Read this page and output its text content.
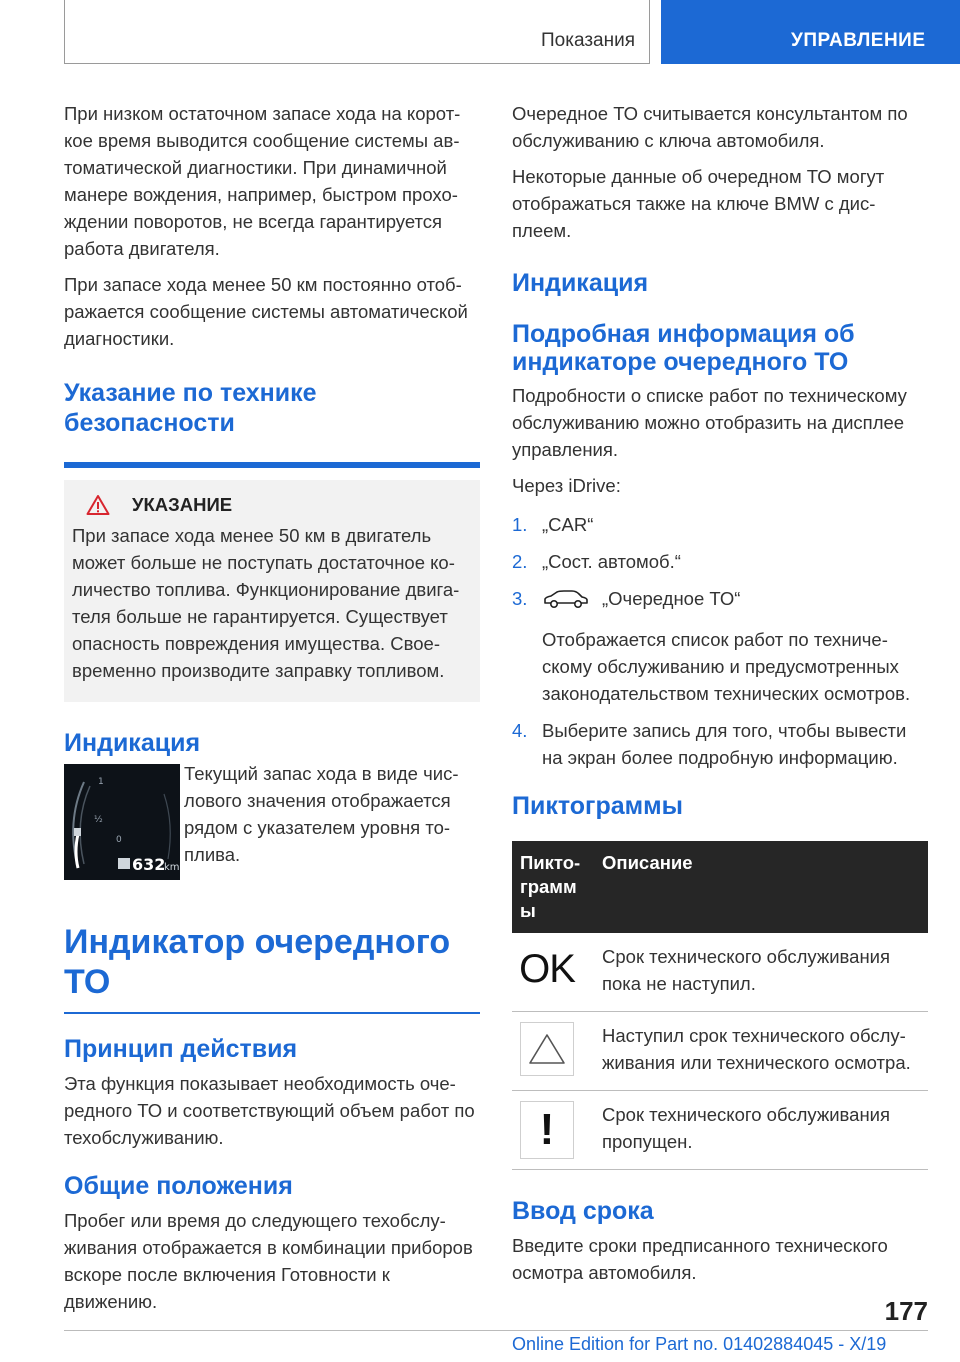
Показания	УПРАВЛЕНИЕ

При низком остаточном запасе хода на короткое время выводится сообщение системы автоматической диагностики. При динамичной манере вождения, например, быстром прохождении поворотов, не всегда гарантируется работа двигателя.

При запасе хода менее 50 км постоянно отображается сообщение системы автоматической диагностики.

Указание по технике безопасности
УКАЗАНИЕ

При запасе хода менее 50 км в двигатель может больше не поступать достаточное количество топлива. Функционирование двигателя больше не гарантируется. Существует опасность повреждения имущества. Своевременно производите заправку топливом.

Индикация
1
½
0
632
km

Текущий запас хода в виде числового значения отображается рядом с указателем уровня топлива.

Индикатор очередного ТО
Принцип действия

Эта функция показывает необходимость очередного ТО и соответствующий объем работ по техобслуживанию.

Общие положения

Пробег или время до следующего техобслуживания отображается в комбинации приборов вскоре после включения Готовности к движению.

Очередное ТО считывается консультантом по обслуживанию с ключа автомобиля.

Некоторые данные об очередном ТО могут отображаться также на ключе BMW с дисплеем.

Индикация
Подробная информация об индикаторе очередного ТО

Подробности о списке работ по техническому обслуживанию можно отобразить на дисплее управления.

Через iDrive:

1. „CAR“
2. „Сост. автомоб.“
3.	„Очередное ТО“
Отображается список работ по техническому обслуживанию и предусмотренных законодательством технических осмотров.
4. Выберите запись для того, чтобы вывести на экран более подробную информацию.
Пиктограммы
Пиктограмм ы	Описание

OK	Срок технического обслуживания пока не наступил.

	Наступил срок технического обслуживания или технического осмотра.

!	Срок технического обслуживания пропущен.
Ввод срока

Введите сроки предписанного технического осмотра автомобиля.

177
Online Edition for Part no. 01402884045 - X/19
